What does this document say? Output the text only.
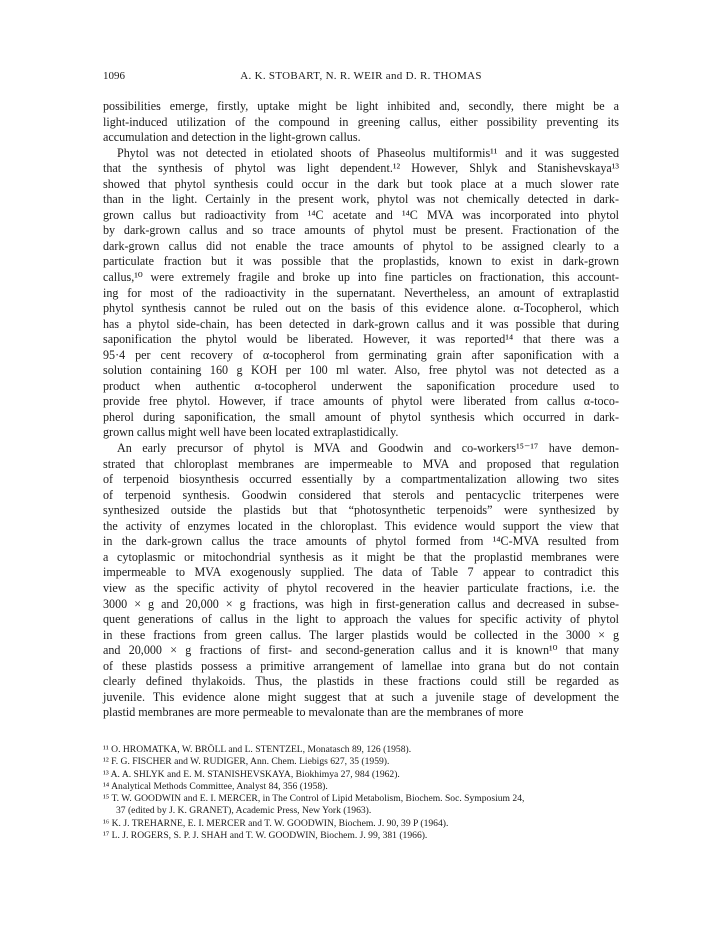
1096	A. K. STOBART, N. R. WEIR and D. R. THOMAS
possibilities emerge, firstly, uptake might be light inhibited and, secondly, there might be a
light-induced utilization of the compound in greening callus, either possibility preventing its
accumulation and detection in the light-grown callus.
Phytol was not detected in etiolated shoots of Phaseolus multiformis¹¹ and it was suggested
that the synthesis of phytol was light dependent.¹² However, Shlyk and Stanishevskaya¹³
showed that phytol synthesis could occur in the dark but took place at a much slower rate
than in the light. Certainly in the present work, phytol was not chemically detected in dark-
grown callus but radioactivity from ¹⁴C acetate and ¹⁴C MVA was incorporated into phytol
by dark-grown callus and so trace amounts of phytol must be present. Fractionation of the
dark-grown callus did not enable the trace amounts of phytol to be assigned clearly to a
particulate fraction but it was possible that the proplastids, known to exist in dark-grown
callus,¹⁰ were extremely fragile and broke up into fine particles on fractionation, this account-
ing for most of the radioactivity in the supernatant. Nevertheless, an amount of extraplastid
phytol synthesis cannot be ruled out on the basis of this evidence alone. α-Tocopherol, which
has a phytol side-chain, has been detected in dark-grown callus and it was possible that during
saponification the phytol would be liberated. However, it was reported¹⁴ that there was a
95·4 per cent recovery of α-tocopherol from germinating grain after saponification with a
solution containing 160 g KOH per 100 ml water. Also, free phytol was not detected as a
product when authentic α-tocopherol underwent the saponification procedure used to
provide free phytol. However, if trace amounts of phytol were liberated from callus α-toco-
pherol during saponification, the small amount of phytol synthesis which occurred in dark-
grown callus might well have been located extraplastidically.
An early precursor of phytol is MVA and Goodwin and co-workers¹⁵⁻¹⁷ have demon-
strated that chloroplast membranes are impermeable to MVA and proposed that regulation
of terpenoid biosynthesis occurred essentially by a compartmentalization allowing two sites
of terpenoid synthesis. Goodwin considered that sterols and pentacyclic triterpenes were
synthesized outside the plastids but that “photosynthetic terpenoids” were synthesized by
the activity of enzymes located in the chloroplast. This evidence would support the view that
in the dark-grown callus the trace amounts of phytol formed from ¹⁴C-MVA resulted from
a cytoplasmic or mitochondrial synthesis as it might be that the proplastid membranes were
impermeable to MVA exogenously supplied. The data of Table 7 appear to contradict this
view as the specific activity of phytol recovered in the heavier particulate fractions, i.e. the
3000 × g and 20,000 × g fractions, was high in first-generation callus and decreased in subse-
quent generations of callus in the light to approach the values for specific activity of phytol
in these fractions from green callus. The larger plastids would be collected in the 3000 × g
and 20,000 × g fractions of first- and second-generation callus and it is known¹⁰ that many
of these plastids possess a primitive arrangement of lamellae into grana but do not contain
clearly defined thylakoids. Thus, the plastids in these fractions could still be regarded as
juvenile. This evidence alone might suggest that at such a juvenile stage of development the
plastid membranes are more permeable to mevalonate than are the membranes of more
¹¹ O. HROMATKA, W. BRÖLL and L. STENTZEL, Monatasch 89, 126 (1958).
¹² F. G. FISCHER and W. RUDIGER, Ann. Chem. Liebigs 627, 35 (1959).
¹³ A. A. SHLYK and E. M. STANISHEVSKAYA, Biokhimya 27, 984 (1962).
¹⁴ Analytical Methods Committee, Analyst 84, 356 (1958).
¹⁵ T. W. GOODWIN and E. I. MERCER, in The Control of Lipid Metabolism, Biochem. Soc. Symposium 24,
37 (edited by J. K. GRANET), Academic Press, New York (1963).
¹⁶ K. J. TREHARNE, E. I. MERCER and T. W. GOODWIN, Biochem. J. 90, 39 P (1964).
¹⁷ L. J. ROGERS, S. P. J. SHAH and T. W. GOODWIN, Biochem. J. 99, 381 (1966).
